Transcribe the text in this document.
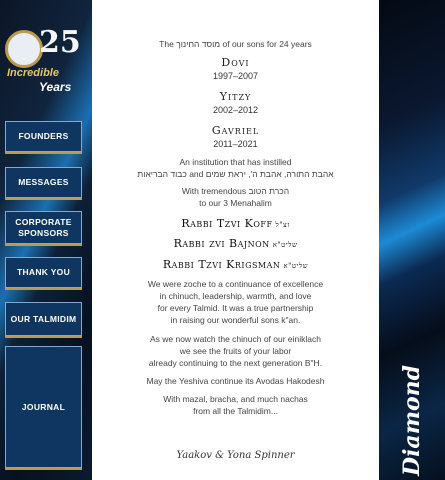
25
Incredible
Years
FOUNDERS
MESSAGES
CORPORATE SPONSORS
THANK YOU
OUR TALMIDIM
JOURNAL
The מוסד החינוך of our sons for 24 years
Dovi
1997–2007
Yitzy
2002–2012
Gavriel
2011–2021
An institution that has instilled
כבוד הבריאות and אהבת התורה, אהבת ה', יראת שמים
With tremendous הכרת הטוב
to our 3 Menahalim
Rabbi Tzvi Koff זצ"ל
Rabbi zvi Bajnon שליט"א
Rabbi Tzvi Krigsman שליט"א
We were zoche to a continuance of excellence
in chinuch, leadership, warmth, and love
for every Talmid. It was a true partnership
in raising our wonderful sons k"an.
As we now watch the chinuch of our einiklach
we see the fruits of your labor
already continuing to the next generation B"H.
May the Yeshiva continue its Avodas Hakodesh
With mazal, bracha, and much nachas
from all the Talmidim...
Yaakov & Yona Spinner	Diamond
